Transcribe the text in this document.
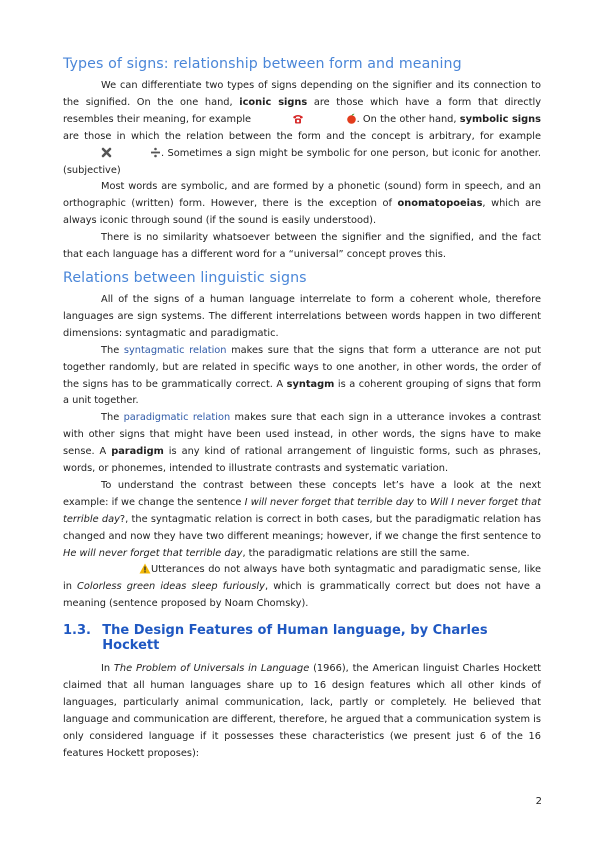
Types of signs: relationship between form and meaning

We can differentiate two types of signs depending on the signifier and its connection to the signified. On the one hand, iconic signs are those which have a form that directly resembles their meaning, for example	. On the other hand, symbolic signs are those in which the relation between the form and the concept is arbitrary, for example . Sometimes a sign might be symbolic for one person, but iconic for another. (subjective)

Most words are symbolic, and are formed by a phonetic (sound) form in speech, and an orthographic (written) form. However, there is the exception of onomatopoeias, which are always iconic through sound (if the sound is easily understood).

There is no similarity whatsoever between the signifier and the signified, and the fact that each language has a different word for a “universal” concept proves this.

Relations between linguistic signs

All of the signs of a human language interrelate to form a coherent whole, therefore languages are sign systems. The different interrelations between words happen in two different dimensions: syntagmatic and paradigmatic.

The syntagmatic relation makes sure that the signs that form a utterance are not put together randomly, but are related in specific ways to one another, in other words, the order of the signs has to be grammatically correct. A syntagm is a coherent grouping of signs that form a unit together.

The paradigmatic relation makes sure that each sign in a utterance invokes a contrast with other signs that might have been used instead, in other words, the signs have to make sense. A paradigm is any kind of rational arrangement of linguistic forms, such as phrases, words, or phonemes, intended to illustrate contrasts and systematic variation.

To understand the contrast between these concepts let’s have a look at the next example: if we change the sentence I will never forget that terrible day to Will I never forget that terrible day?, the syntagmatic relation is correct in both cases, but the paradigmatic relation has changed and now they have two different meanings; however, if we change the first sentence to He will never forget that terrible day, the paradigmatic relations are still the same.

Utterances do not always have both syntagmatic and paradigmatic sense, like in Colorless green ideas sleep furiously, which is grammatically correct but does not have a meaning (sentence proposed by Noam Chomsky).

1.3. The Design Features of Human language, by Charles Hockett

In The Problem of Universals in Language (1966), the American linguist Charles Hockett claimed that all human languages share up to 16 design features which all other kinds of languages, particularly animal communication, lack, partly or completely. He believed that language and communication are different, therefore, he argued that a communication system is only considered language if it possesses these characteristics (we present just 6 of the 16 features Hockett proposes):

2
